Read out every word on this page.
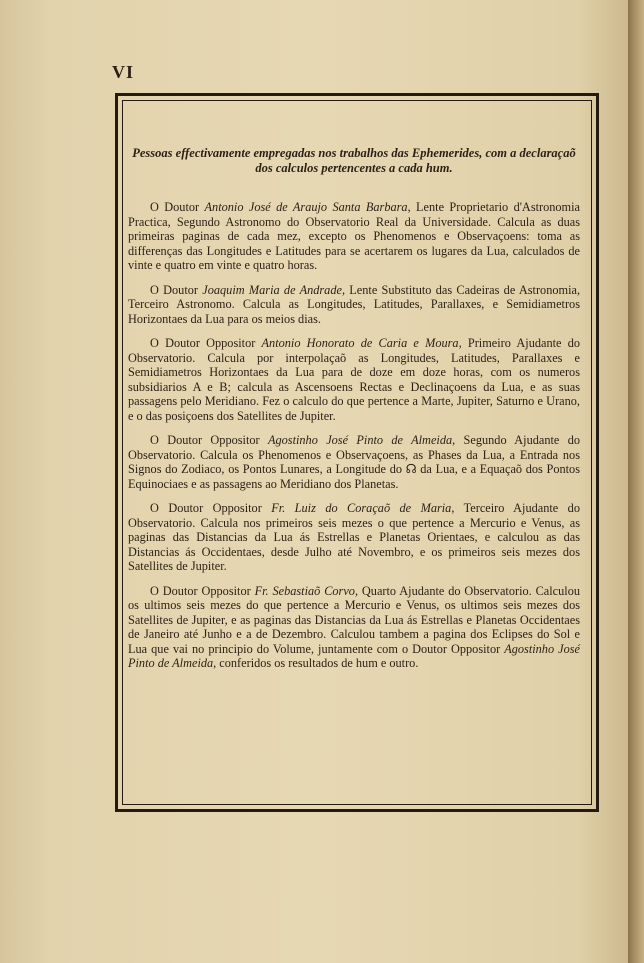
VI

Pessoas effectivamente empregadas nos trabalhos das Ephemerides, com a declaraçaõ dos calculos pertencentes a cada hum.

O Doutor Antonio José de Araujo Santa Barbara, Lente Proprietario d'Astronomia Practica, Segundo Astronomo do Observatorio Real da Universidade. Calcula as duas primeiras paginas de cada mez, excepto os Phenomenos e Observaçoens: toma as differenças das Longitudes e Latitudes para se acertarem os lugares da Lua, calculados de vinte e quatro em vinte e quatro horas.

O Doutor Joaquim Maria de Andrade, Lente Substituto das Cadeiras de Astronomia, Terceiro Astronomo. Calcula as Longitudes, Latitudes, Parallaxes, e Semidiametros Horizontaes da Lua para os meios dias.

O Doutor Oppositor Antonio Honorato de Caria e Moura, Primeiro Ajudante do Observatorio. Calcula por interpolaçaõ as Longitudes, Latitudes, Parallaxes e Semidiametros Horizontaes da Lua para de doze em doze horas, com os numeros subsidiarios A e B; calcula as Ascensoens Rectas e Declinaçoens da Lua, e as suas passagens pelo Meridiano. Fez o calculo do que pertence a Marte, Jupiter, Saturno e Urano, e o das posiçoens dos Satellites de Jupiter.

O Doutor Oppositor Agostinho José Pinto de Almeida, Segundo Ajudante do Observatorio. Calcula os Phenomenos e Observaçoens, as Phases da Lua, a Entrada nos Signos do Zodiaco, os Pontos Lunares, a Longitude do ☊ da Lua, e a Equaçaõ dos Pontos Equinociaes e as passagens ao Meridiano dos Planetas.

O Doutor Oppositor Fr. Luiz do Coraçaõ de Maria, Terceiro Ajudante do Observatorio. Calcula nos primeiros seis mezes o que pertence a Mercurio e Venus, as paginas das Distancias da Lua ás Estrellas e Planetas Orientaes, e calculou as das Distancias ás Occidentaes, desde Julho até Novembro, e os primeiros seis mezes dos Satellites de Jupiter.

O Doutor Oppositor Fr. Sebastiaõ Corvo, Quarto Ajudante do Observatorio. Calculou os ultimos seis mezes do que pertence a Mercurio e Venus, os ultimos seis mezes dos Satellites de Jupiter, e as paginas das Distancias da Lua ás Estrellas e Planetas Occidentaes de Janeiro até Junho e a de Dezembro. Calculou tambem a pagina dos Eclipses do Sol e Lua que vai no principio do Volume, juntamente com o Doutor Oppositor Agostinho José Pinto de Almeida, conferidos os resultados de hum e outro.
